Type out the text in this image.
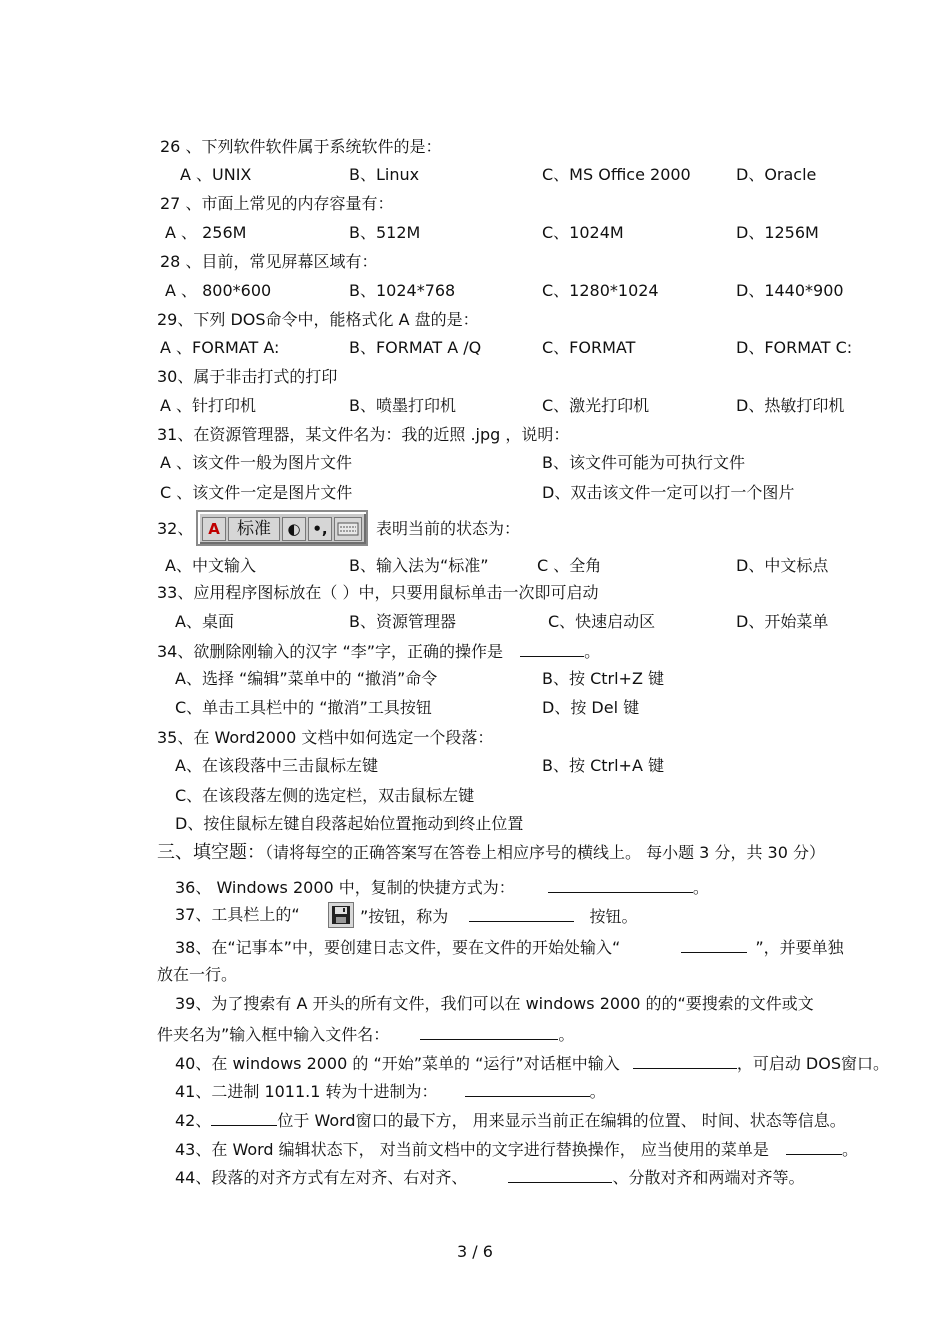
26 、下列软件软件属于系统软件的是：
A 、UNIX	B、Linux	C、MS Office 2000	D、Oracle
27 、市面上常见的内存容量有：
A 、 256M	B、512M	C、1024M	D、1256M
28 、目前，常见屏幕区域有：
A 、 800*600	B、1024*768	C、1280*1024	D、1440*900
29、下列 DOS命令中，能格式化 A 盘的是：
A 、FORMAT A:	B、FORMAT A /Q	C、FORMAT	D、FORMAT C:
30、属于非击打式的打印
A 、针打印机	B、喷墨打印机	C、激光打印机	D、热敏打印机
31、在资源管理器，某文件名为：我的近照 .jpg ，说明：
A 、该文件一般为图片文件	B、该文件可能为可执行文件
C 、该文件一定是图片文件	D、双击该文件一定可以打一个图片
32、 A	标准	◐ •,	表明当前的状态为：
A、中文输入	B、输入法为“标准”	C 、全角	D、中文标点
33、应用程序图标放在（ ）中，只要用鼠标单击一次即可启动
A、桌面	B、资源管理器	C、快速启动区	D、开始菜单
34、欲删除刚输入的汉字 “李”字，正确的操作是	。
A、选择 “编辑”菜单中的 “撤消”命令	B、按 Ctrl+Z 键
C、单击工具栏中的 “撤消”工具按钮	D、按 Del 键
35、在 Word2000 文档中如何选定一个段落：
A、在该段落中三击鼠标左键	B、按 Ctrl+A 键
C、在该段落左侧的选定栏，双击鼠标左键
D、按住鼠标左键自段落起始位置拖动到终止位置
三、填空题：（请将每空的正确答案写在答卷上相应序号的横线上。 每小题 3 分，共 30 分）
36、 Windows 2000 中，复制的快捷方式为：	。
37、工具栏上的“	”按钮，称为	按钮。
38、在“记事本”中，要创建日志文件，要在文件的开始处输入“	”，并要单独
放在一行。
39、为了搜索有 A 开头的所有文件，我们可以在 windows 2000 的的“要搜索的文件或文
件夹名为”输入框中输入文件名：	。
40、在 windows 2000 的 “开始”菜单的 “运行”对话框中输入	，可启动 DOS窗口。
41、二进制 1011.1 转为十进制为：	。
42、	位于 Word窗口的最下方， 用来显示当前正在编辑的位置、 时间、状态等信息。
43、在 Word 编辑状态下， 对当前文档中的文字进行替换操作， 应当使用的菜单是	。
44、段落的对齐方式有左对齐、右对齐、	、分散对齐和两端对齐等。
3 / 6
